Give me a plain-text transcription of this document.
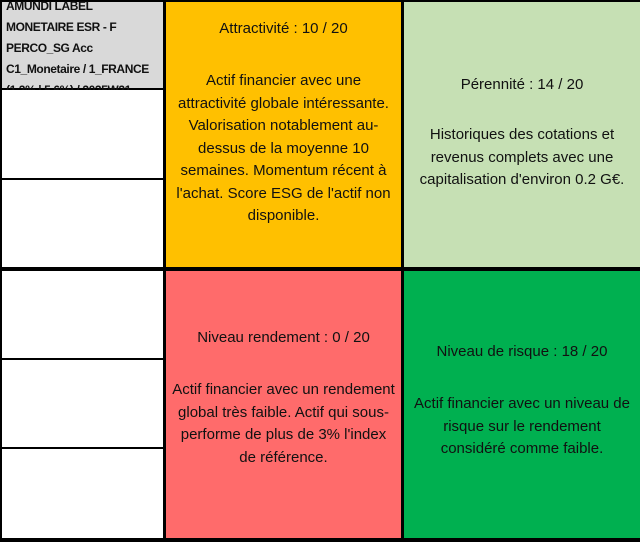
AMUNDI LABEL
MONETAIRE ESR - F
PERCO_SG Acc
C1_Monetaire / 1_FRANCE

Attractivité : 10 / 20

Actif financier avec une attractivité globale intéressante. Valorisation notablement au-dessus de la moyenne 10 semaines. Momentum récent à l'achat. Score ESG de l'actif non disponible.

Pérennité : 14 / 20

Historiques des cotations et revenus complets avec une capitalisation d'environ 0.2 G€.

Niveau rendement : 0 / 20

Actif financier avec un rendement global très faible. Actif qui sous-performe de plus de 3% l'index de référence.

Niveau de risque : 18 / 20

Actif financier avec un niveau de risque sur le rendement considéré comme faible.
